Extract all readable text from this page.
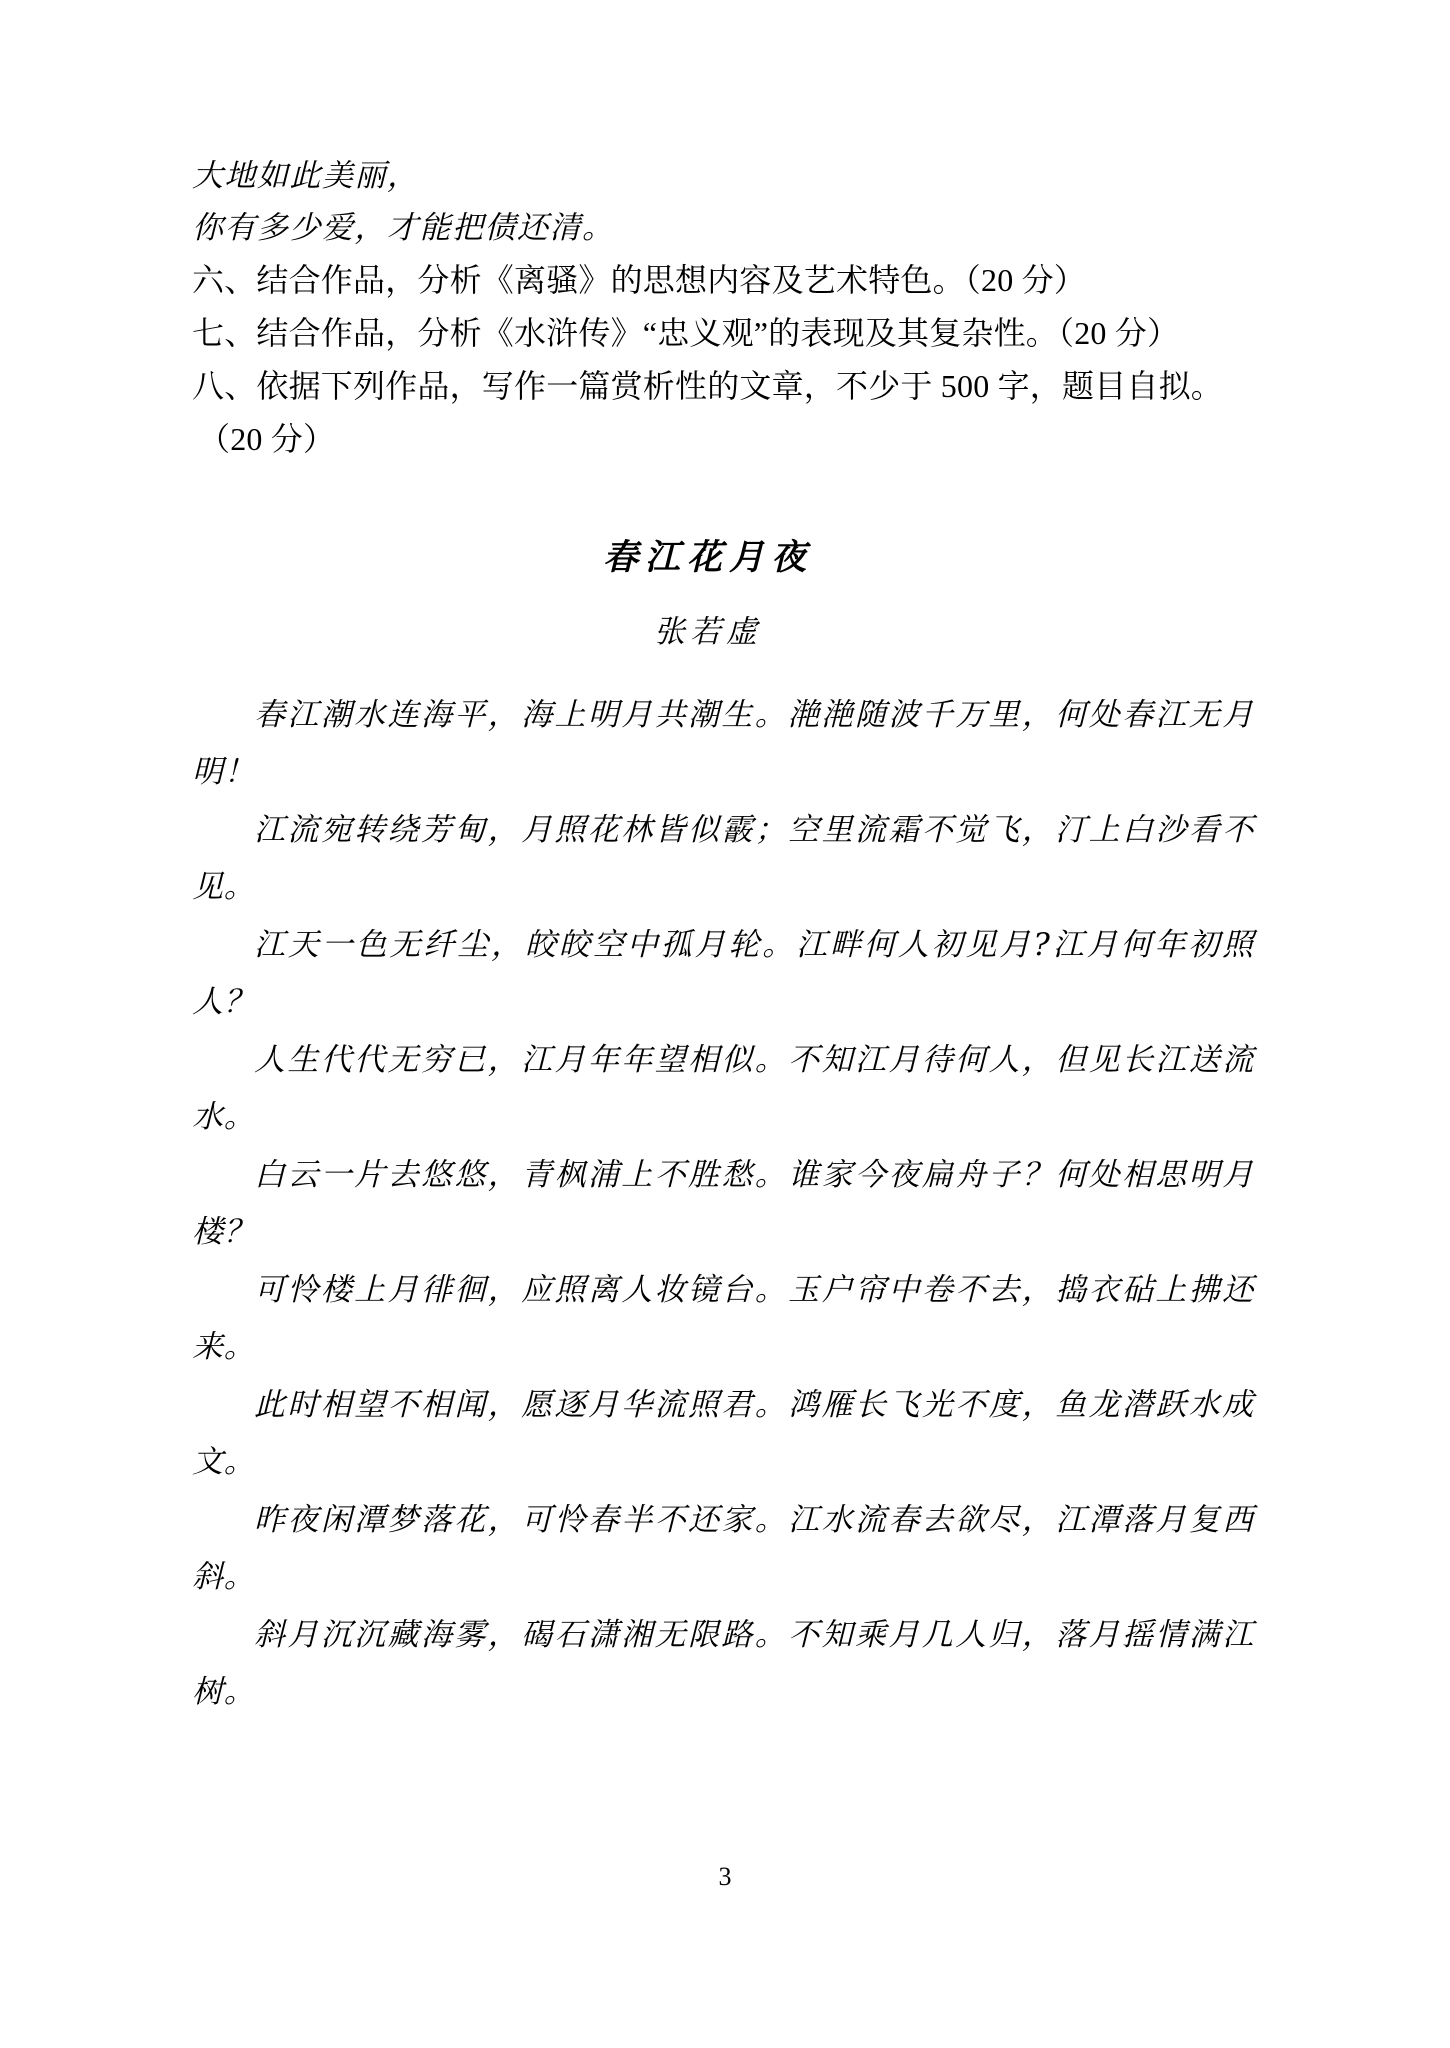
大地如此美丽，
你有多少爱，才能把债还清。
六、结合作品，分析《离骚》的思想内容及艺术特色。（20 分）
七、结合作品，分析《水浒传》“忠义观”的表现及其复杂性。（20 分）
八、依据下列作品，写作一篇赏析性的文章，不少于 500 字，题目自拟。
（20 分）
春江花月夜
张若虚

春江潮水连海平，海上明月共潮生。滟滟随波千万里，何处春江无月明！

江流宛转绕芳甸，月照花林皆似霰；空里流霜不觉飞，汀上白沙看不见。

江天一色无纤尘，皎皎空中孤月轮。江畔何人初见月?江月何年初照人？

人生代代无穷已，江月年年望相似。不知江月待何人，但见长江送流水。

白云一片去悠悠，青枫浦上不胜愁。谁家今夜扁舟子？何处相思明月楼？

可怜楼上月徘徊，应照离人妆镜台。玉户帘中卷不去，捣衣砧上拂还来。

此时相望不相闻，愿逐月华流照君。鸿雁长飞光不度，鱼龙潜跃水成文。

昨夜闲潭梦落花，可怜春半不还家。江水流春去欲尽，江潭落月复西斜。

斜月沉沉藏海雾，碣石潇湘无限路。不知乘月几人归，落月摇情满江树。

3
